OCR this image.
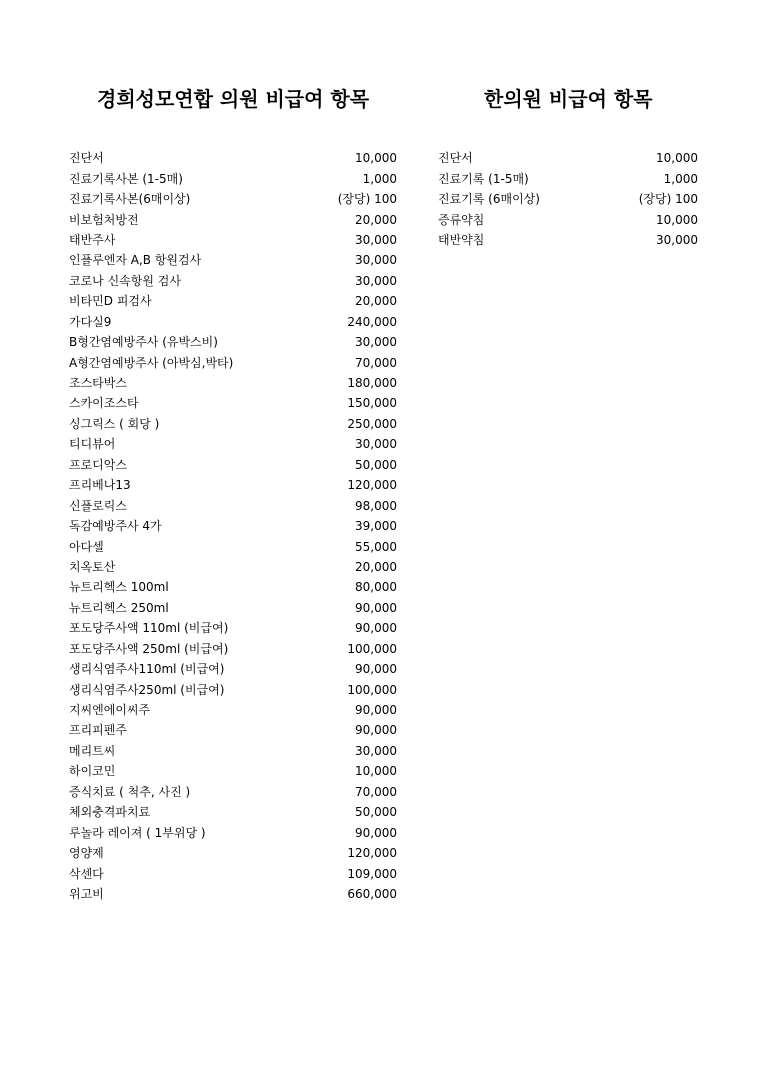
경희성모연합 의원 비급여 항목	한의원 비급여 항목
진단서	10,000
진료기록사본 (1-5매)	1,000
진료기록사본(6매이상)	(장당) 100
비보험처방전	20,000
태반주사	30,000
인플루엔자 A,B 항원검사	30,000
코로나 신속항원 검사	30,000
비타민D 피검사	20,000
가다실9	240,000
B형간염예방주사 (유박스비)	30,000
A형간염예방주사 (아박심,박타)	70,000
조스타박스	180,000
스카이조스타	150,000
싱그릭스 ( 회당 )	250,000
티디뷰어	30,000
프로디악스	50,000
프리베나13	120,000
신플로릭스	98,000
독감예방주사 4가	39,000
아다셀	55,000
치옥토산	20,000
뉴트리헥스 100ml	80,000
뉴트리헥스 250ml	90,000
포도당주사액 110ml (비급여)	90,000
포도당주사액 250ml (비급여)	100,000
생리식염주사110ml (비급여)	90,000
생리식염주사250ml (비급여)	100,000
지씨엔에이씨주	90,000
프리피펜주	90,000
메리트씨	30,000
하이코민	10,000
증식치료 ( 척추, 사진 )	70,000
체외충격파치료	50,000
루놀라 레이져 ( 1부위당 )	90,000
영양제	120,000
삭센다	109,000
위고비	660,000
진단서	10,000
진료기록 (1-5매)	1,000
진료기록 (6매이상)	(장당) 100
증류약침	10,000
태반약침	30,000
